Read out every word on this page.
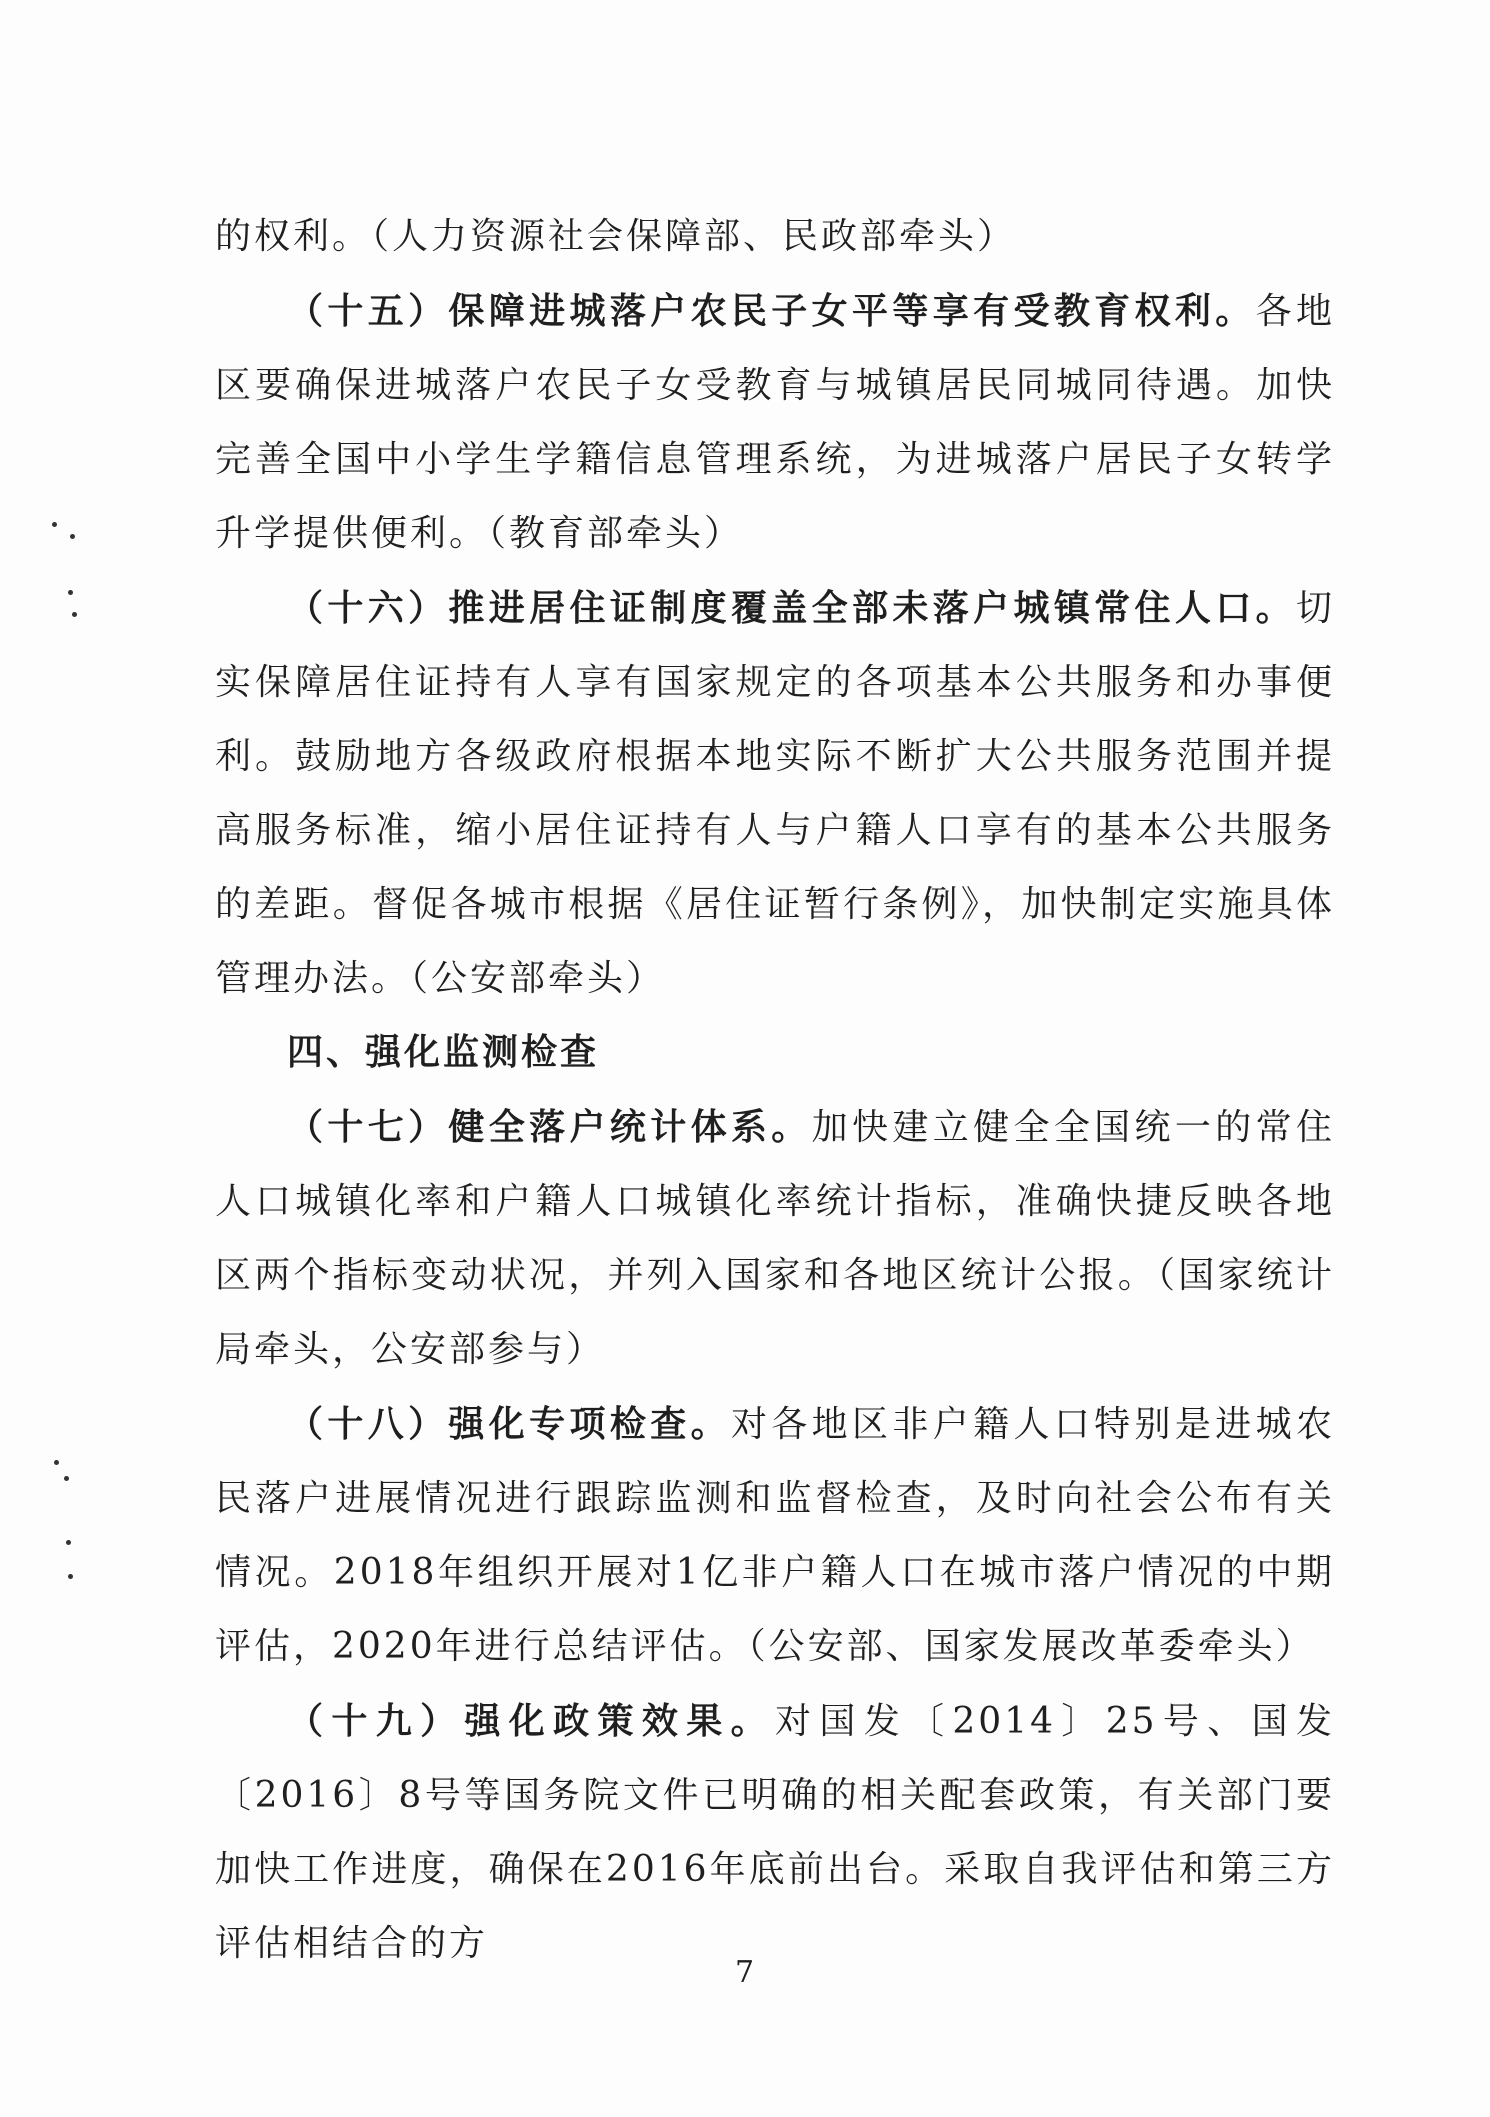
的权利。（人力资源社会保障部、民政部牵头）

（十五）保障进城落户农民子女平等享有受教育权利。各地区要确保进城落户农民子女受教育与城镇居民同城同待遇。加快完善全国中小学生学籍信息管理系统，为进城落户居民子女转学升学提供便利。（教育部牵头）

（十六）推进居住证制度覆盖全部未落户城镇常住人口。切实保障居住证持有人享有国家规定的各项基本公共服务和办事便利。鼓励地方各级政府根据本地实际不断扩大公共服务范围并提高服务标准，缩小居住证持有人与户籍人口享有的基本公共服务的差距。督促各城市根据《居住证暂行条例》，加快制定实施具体管理办法。（公安部牵头）

四、强化监测检查

（十七）健全落户统计体系。加快建立健全全国统一的常住人口城镇化率和户籍人口城镇化率统计指标，准确快捷反映各地区两个指标变动状况，并列入国家和各地区统计公报。（国家统计局牵头，公安部参与）

（十八）强化专项检查。对各地区非户籍人口特别是进城农民落户进展情况进行跟踪监测和监督检查，及时向社会公布有关情况。2018年组织开展对1亿非户籍人口在城市落户情况的中期评估，2020年进行总结评估。（公安部、国家发展改革委牵头）

（十九）强化政策效果。对国发〔2014〕25号、国发〔2016〕8号等国务院文件已明确的相关配套政策，有关部门要加快工作进度，确保在2016年底前出台。采取自我评估和第三方评估相结合的方

7
